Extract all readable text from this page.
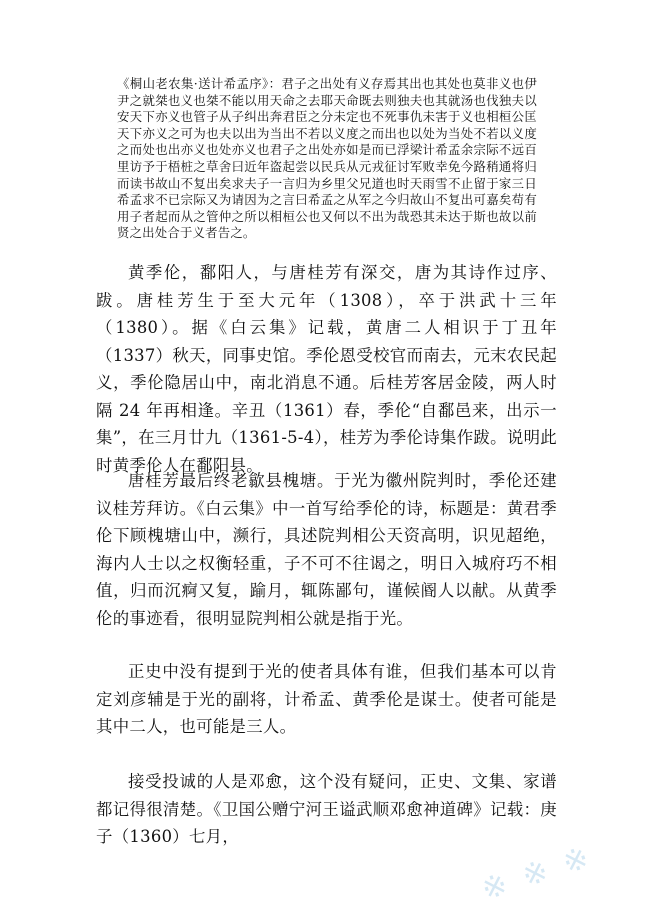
《桐山老农集·送计希孟序》：君子之出处有义存焉其出也其处也莫非义也伊尹之就桀也义也桀不能以用天命之去耶天命既去则独夫也其就汤也伐独夫以安天下亦义也管子从子纠出奔君臣之分未定也不死事仇未害于义也相桓公匡天下亦义之可为也夫以出为当出不若以义度之而出也以处为当处不若以义度之而处也出亦义也处亦义也君子之出处亦如是而已浮梁计希孟余宗际不远百里访予于梧桩之草舍曰近年盗起尝以民兵从元戎征讨军败幸免今路稍通将归而读书故山不复出矣求夫子一言归为乡里父兄道也时天雨雪不止留于家三日希孟求不已宗际又为请因为之言曰希孟之从军之今归故山不复出可嘉矣苟有用子者起而从之管仲之所以相桓公也又何以不出为哉恐其未达于斯也故以前贤之出处合于义者告之。

黄季伦，鄱阳人，与唐桂芳有深交，唐为其诗作过序、跋。唐桂芳生于至大元年（1308），卒于洪武十三年（1380）。据《白云集》记载，黄唐二人相识于丁丑年（1337）秋天，同事史馆。季伦恩受校官而南去，元末农民起义，季伦隐居山中，南北消息不通。后桂芳客居金陵，两人时隔 24 年再相逢。辛丑（1361）春，季伦“自鄱邑来，出示一集”，在三月廿九（1361-5-4），桂芳为季伦诗集作跋。说明此时黄季伦人在鄱阳县。

唐桂芳最后终老歙县槐塘。于光为徽州院判时，季伦还建议桂芳拜访。《白云集》中一首写给季伦的诗，标题是：黄君季伦下顾槐塘山中，濒行，具述院判相公天资高明，识见超绝，海内人士以之权衡轻重，子不可不往谒之，明日入城府巧不相值，归而沉痾又复，踰月，辄陈鄙句，谨候阍人以献。从黄季伦的事迹看，很明显院判相公就是指于光。

正史中没有提到于光的使者具体有谁，但我们基本可以肯定刘彦辅是于光的副将，计希孟、黄季伦是谋士。使者可能是其中二人，也可能是三人。

接受投诚的人是邓愈，这个没有疑问，正史、文集、家谱都记得很清楚。《卫国公赠宁河王谥武顺邓愈神道碑》记载：庚子（1360）七月，

※ ※ ※
